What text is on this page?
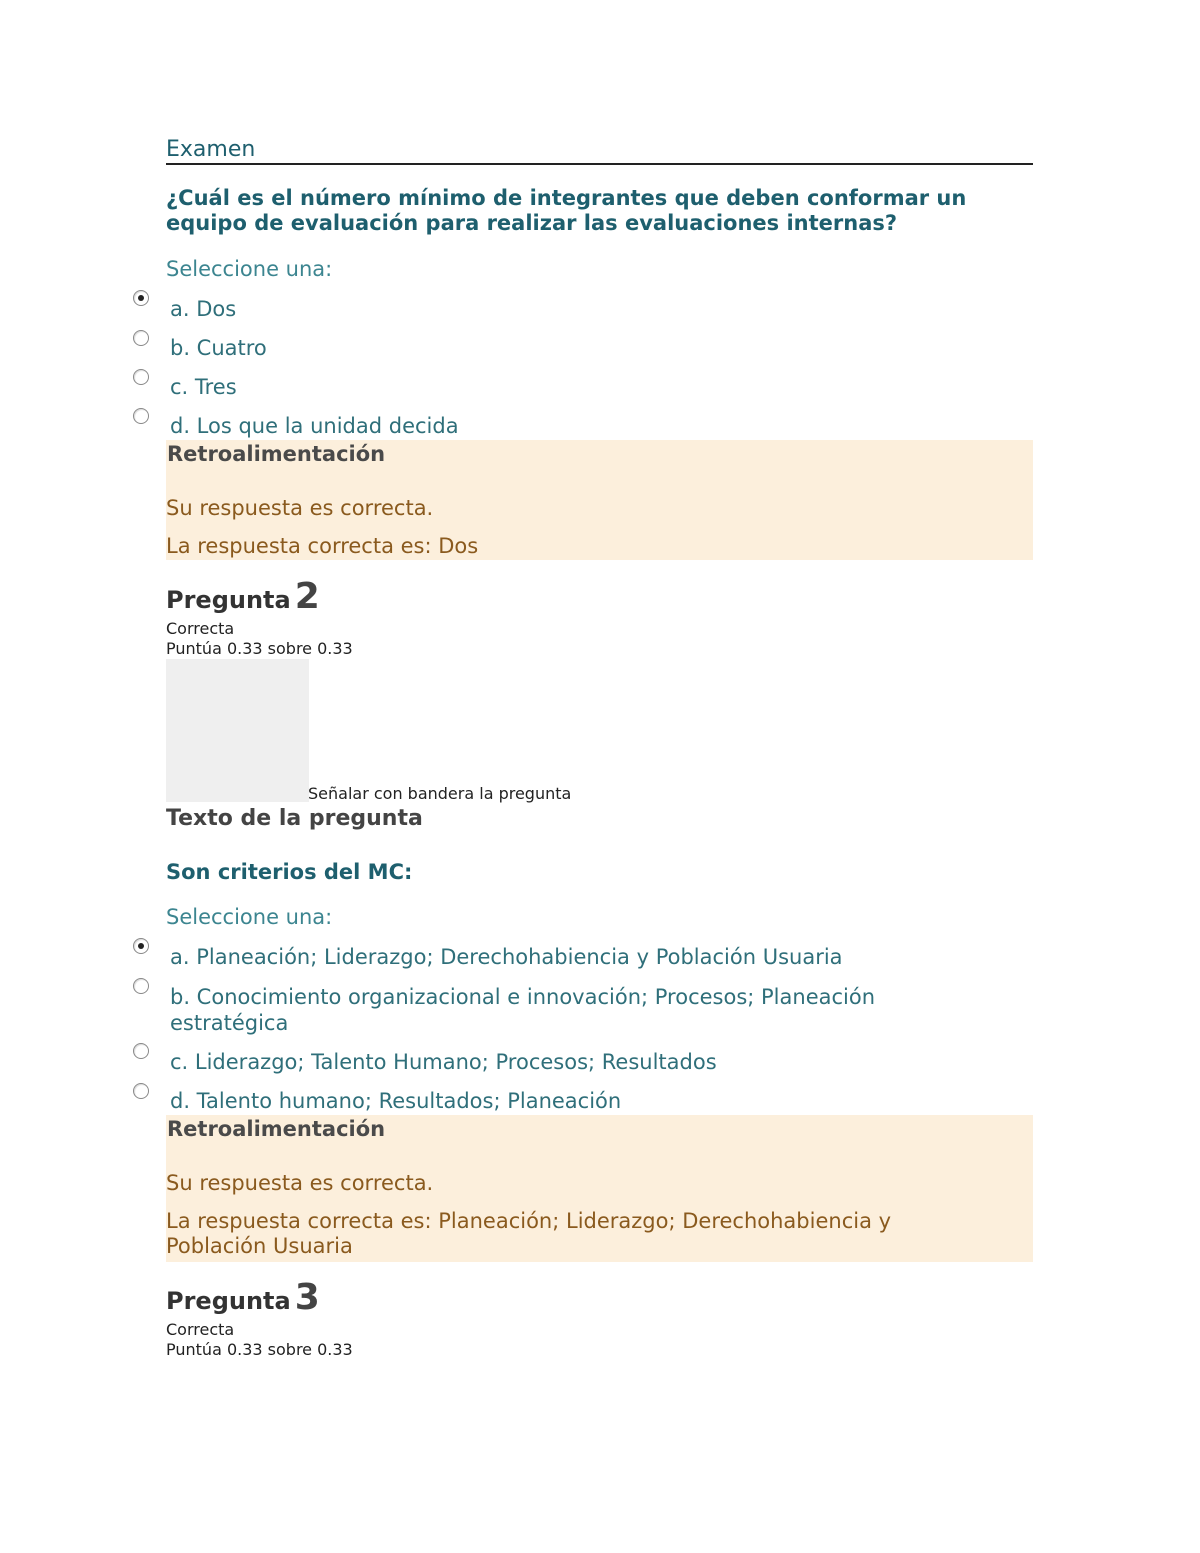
Examen
¿Cuál es el número mínimo de integrantes que deben conformar un equipo de evaluación para realizar las evaluaciones internas?
Seleccione una:
a. Dos
b. Cuatro
c. Tres
d. Los que la unidad decida
Retroalimentación
Su respuesta es correcta.
La respuesta correcta es: Dos
Pregunta 2
Correcta
Puntúa 0.33 sobre 0.33
Señalar con bandera la pregunta
Texto de la pregunta
Son criterios del MC:
Seleccione una:
a. Planeación; Liderazgo; Derechohabiencia y Población Usuaria
b. Conocimiento organizacional e innovación; Procesos; Planeación estratégica
c. Liderazgo; Talento Humano; Procesos; Resultados
d. Talento humano; Resultados; Planeación
Retroalimentación
Su respuesta es correcta.
La respuesta correcta es: Planeación; Liderazgo; Derechohabiencia y Población Usuaria
Pregunta 3
Correcta
Puntúa 0.33 sobre 0.33
